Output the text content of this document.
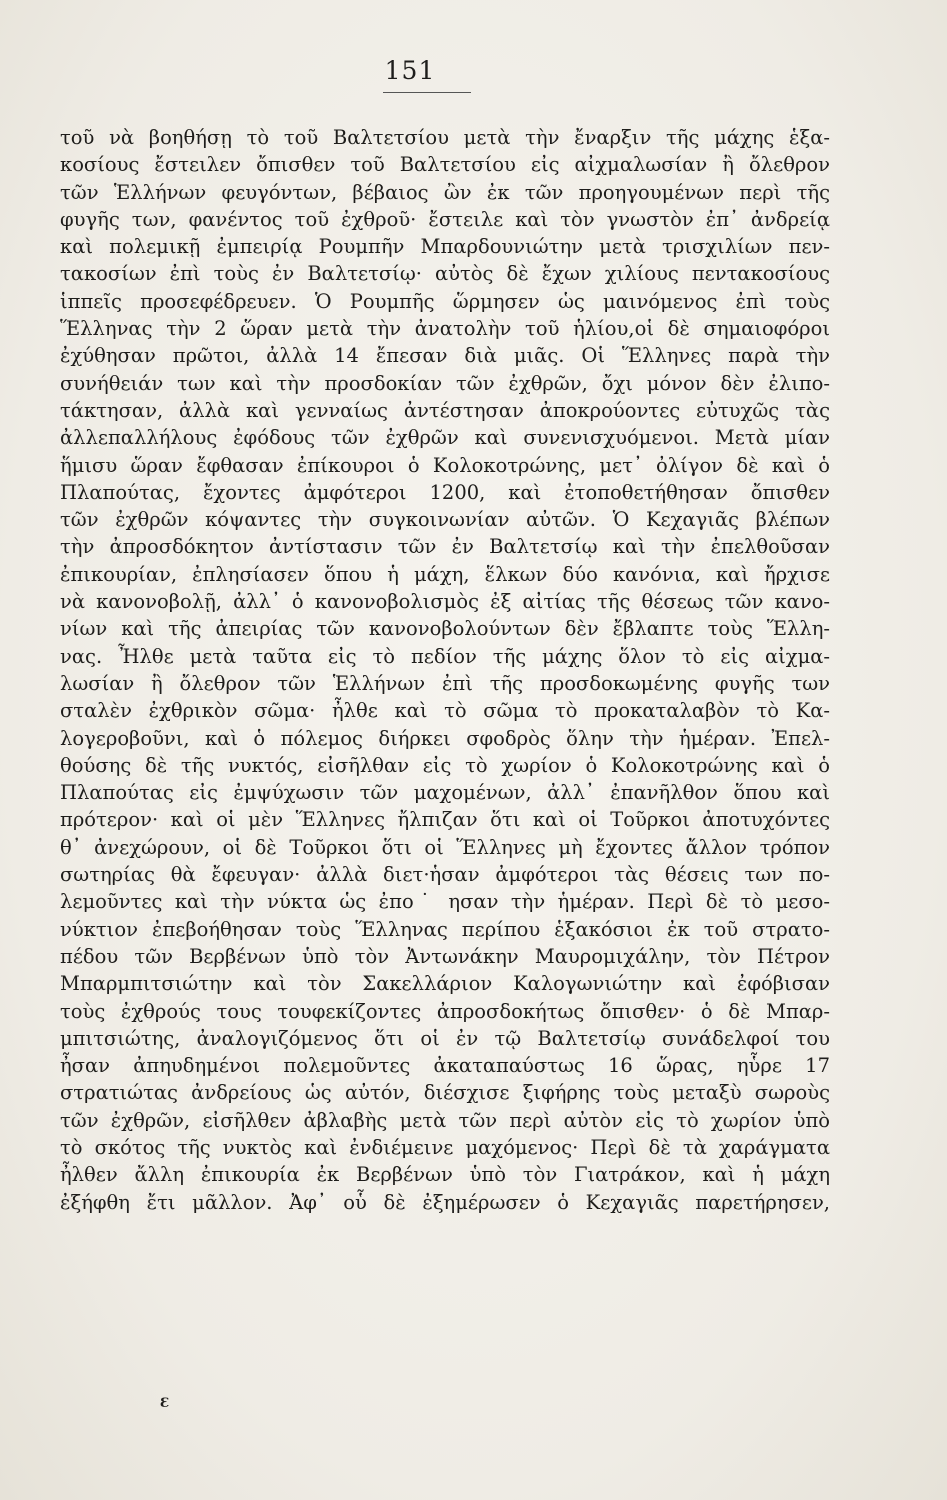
151
τοῦ νὰ βοηθήσῃ τὸ τοῦ Βαλτετσίου μετὰ τὴν ἔναρξιν τῆς μάχης ἑξα-
κοσίους ἔστειλεν ὄπισθεν τοῦ Βαλτετσίου εἰς αἰχμαλωσίαν ἢ ὄλεθρον
τῶν Ἑλλήνων φευγόντων, βέβαιος ὢν ἐκ τῶν προηγουμένων περὶ τῆς
φυγῆς των, φανέντος τοῦ ἐχθροῦ· ἔστειλε καὶ τὸν γνωστὸν ἐπ᾽ ἀνδρείᾳ
καὶ πολεμικῇ ἐμπειρίᾳ Ρουμπῆν Μπαρδουνιώτην μετὰ τρισχιλίων πεν-
τακοσίων ἐπὶ τοὺς ἐν Βαλτετσίῳ· αὐτὸς δὲ ἔχων χιλίους πεντακοσίους
ἱππεῖς προσεφέδρευεν. Ὁ Ρουμπῆς ὥρμησεν ὡς μαινόμενος ἐπὶ τοὺς
Ἕλληνας τὴν 2 ὥραν μετὰ τὴν ἀνατολὴν τοῦ ἡλίου,οἱ δὲ σημαιοφόροι
ἐχύθησαν πρῶτοι, ἀλλὰ 14 ἔπεσαν διὰ μιᾶς. Οἱ Ἕλληνες παρὰ τὴν
συνήθειάν των καὶ τὴν προσδοκίαν τῶν ἐχθρῶν, ὄχι μόνον δὲν ἐλιπο-
τάκτησαν, ἀλλὰ καὶ γενναίως ἀντέστησαν ἀποκρούοντες εὐτυχῶς τὰς
ἀλλεπαλλήλους ἐφόδους τῶν ἐχθρῶν καὶ συνενισχυόμενοι. Μετὰ μίαν
ἥμισυ ὥραν ἔφθασαν ἐπίκουροι ὁ Κολοκοτρώνης, μετ᾽ ὀλίγον δὲ καὶ ὁ
Πλαπούτας, ἔχοντες ἀμφότεροι 1200, καὶ ἐτοποθετήθησαν ὄπισθεν
τῶν ἐχθρῶν κόψαντες τὴν συγκοινωνίαν αὐτῶν. Ὁ Κεχαγιᾶς βλέπων
τὴν ἀπροσδόκητον ἀντίστασιν τῶν ἐν Βαλτετσίῳ καὶ τὴν ἐπελθοῦσαν
ἐπικουρίαν, ἐπλησίασεν ὅπου ἡ μάχη, ἕλκων δύο κανόνια, καὶ ἤρχισε
νὰ κανονοβολῇ, ἀλλ᾽ ὁ κανονοβολισμὸς ἐξ αἰτίας τῆς θέσεως τῶν κανο-
νίων καὶ τῆς ἀπειρίας τῶν κανονοβολούντων δὲν ἔβλαπτε τοὺς Ἕλλη-
νας. Ἦλθε μετὰ ταῦτα εἰς τὸ πεδίον τῆς μάχης ὅλον τὸ εἰς αἰχμα-
λωσίαν ἢ ὄλεθρον τῶν Ἑλλήνων ἐπὶ τῆς προσδοκωμένης φυγῆς των
σταλὲν ἐχθρικὸν σῶμα· ἦλθε καὶ τὸ σῶμα τὸ προκαταλαβὸν τὸ Κα-
λογεροβοῦνι, καὶ ὁ πόλεμος διήρκει σφοδρὸς ὅλην τὴν ἡμέραν. Ἐπελ-
θούσης δὲ τῆς νυκτός, εἰσῆλθαν εἰς τὸ χωρίον ὁ Κολοκοτρώνης καὶ ὁ
Πλαπούτας εἰς ἐμψύχωσιν τῶν μαχομένων, ἀλλ᾽ ἐπανῆλθον ὅπου καὶ
πρότερον· καὶ οἱ μὲν Ἕλληνες ἤλπιζαν ὅτι καὶ οἱ Τοῦρκοι ἀποτυχόντες
θ᾽ ἀνεχώρουν, οἱ δὲ Τοῦρκοι ὅτι οἱ Ἕλληνες μὴ ἔχοντες ἄλλον τρόπον
σωτηρίας θὰ ἔφευγαν· ἀλλὰ διετ·ἡσαν ἀμφότεροι τὰς θέσεις των πο-
λεμοῦντες καὶ τὴν νύκτα ὡς ἐπο˙ ησαν τὴν ἡμέραν. Περὶ δὲ τὸ μεσο-
νύκτιον ἐπεβοήθησαν τοὺς Ἕλληνας περίπου ἑξακόσιοι ἐκ τοῦ στρατο-
πέδου τῶν Βερβένων ὑπὸ τὸν Ἀντωνάκην Μαυρομιχάλην, τὸν Πέτρον
Μπαρμπιτσιώτην καὶ τὸν Σακελλάριον Καλογωνιώτην καὶ ἐφόβισαν
τοὺς ἐχθρούς τους τουφεκίζοντες ἀπροσδοκήτως ὄπισθεν· ὁ δὲ Μπαρ-
μπιτσιώτης, ἀναλογιζόμενος ὅτι οἱ ἐν τῷ Βαλτετσίῳ συνάδελφοί του
ἦσαν ἀπηυδημένοι πολεμοῦντες ἀκαταπαύστως 16 ὥρας, ηὗρε 17
στρατιώτας ἀνδρείους ὡς αὐτόν, διέσχισε ξιφήρης τοὺς μεταξὺ σωροὺς
τῶν ἐχθρῶν, εἰσῆλθεν ἀβλαβὴς μετὰ τῶν περὶ αὐτὸν εἰς τὸ χωρίον ὑπὸ
τὸ σκότος τῆς νυκτὸς καὶ ἐνδιέμεινε μαχόμενος· Περὶ δὲ τὰ χαράγματα
ἦλθεν ἄλλη ἐπικουρία ἐκ Βερβένων ὑπὸ τὸν Γιατράκον, καὶ ἡ μάχη
ἐξήφθη ἔτι μᾶλλον. Ἀφ᾽ οὗ δὲ ἐξημέρωσεν ὁ Κεχαγιᾶς παρετήρησεν,
Ɛ
